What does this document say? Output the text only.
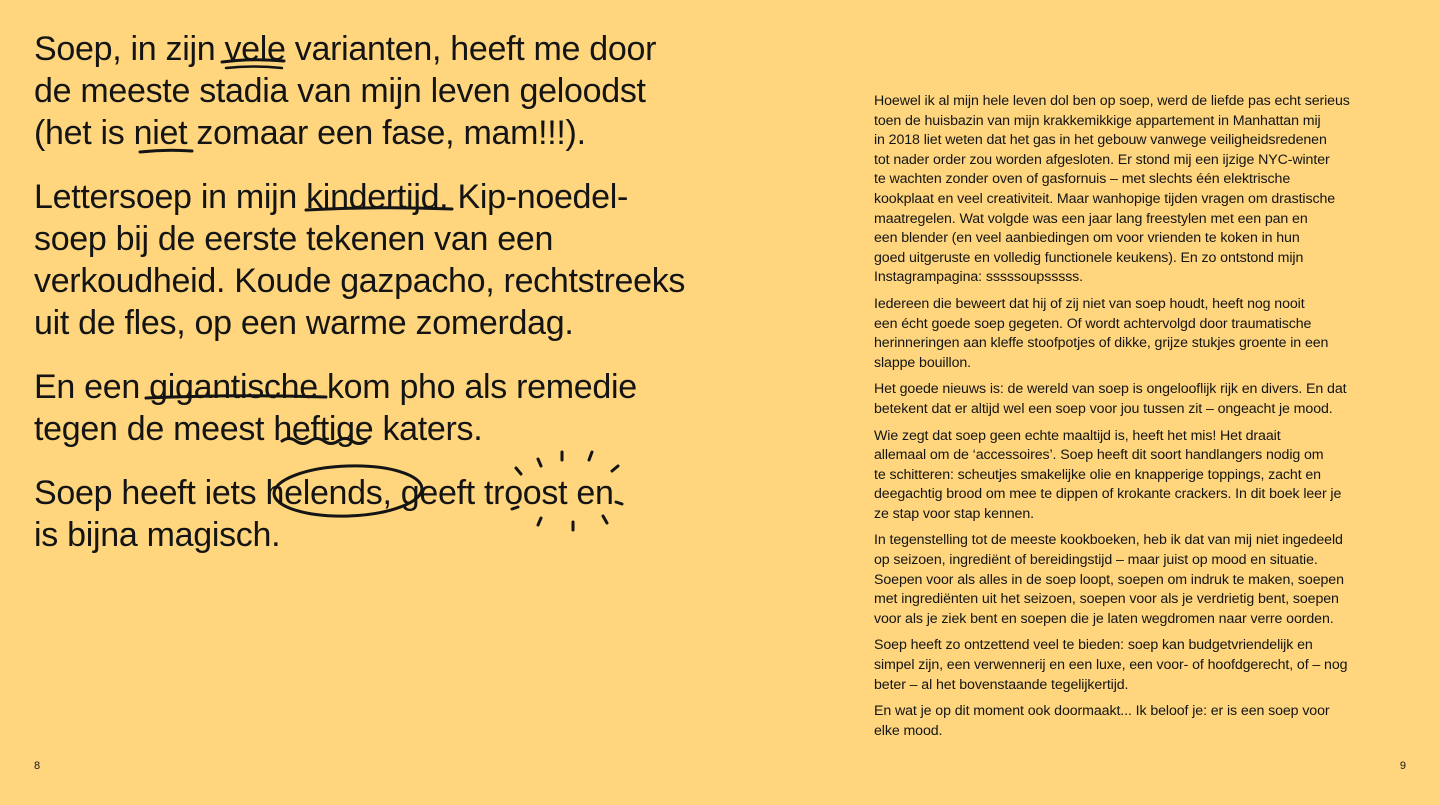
Soep, in zijn vele varianten, heeft me door
de meeste stadia van mijn leven geloodst
(het is niet zomaar een fase, mam!!!).

Lettersoep in mijn kindertijd. Kip-noedel-
soep bij de eerste tekenen van een
verkoudheid. Koude gazpacho, rechtstreeks
uit de fles, op een warme zomerdag.

En een gigantische kom pho als remedie
tegen de meest heftige katers.

Soep heeft iets helends, geeft troost en
is bijna magisch.

Hoewel ik al mijn hele leven dol ben op soep, werd de liefde pas echt serieus
toen de huisbazin van mijn krakkemikkige appartement in Manhattan mij
in 2018 liet weten dat het gas in het gebouw vanwege veiligheidsredenen
tot nader order zou worden afgesloten. Er stond mij een ijzige NYC-winter
te wachten zonder oven of gasfornuis – met slechts één elektrische
kookplaat en veel creativiteit. Maar wanhopige tijden vragen om drastische
maatregelen. Wat volgde was een jaar lang freestylen met een pan en
een blender (en veel aanbiedingen om voor vrienden te koken in hun
goed uitgeruste en volledig functionele keukens). En zo ontstond mijn
Instagrampagina: sssssoupsssss.

Iedereen die beweert dat hij of zij niet van soep houdt, heeft nog nooit
een écht goede soep gegeten. Of wordt achtervolgd door traumatische
herinneringen aan kleffe stoofpotjes of dikke, grijze stukjes groente in een
slappe bouillon.

Het goede nieuws is: de wereld van soep is ongelooflijk rijk en divers. En dat
betekent dat er altijd wel een soep voor jou tussen zit – ongeacht je mood.

Wie zegt dat soep geen echte maaltijd is, heeft het mis! Het draait
allemaal om de ‘accessoires’. Soep heeft dit soort handlangers nodig om
te schitteren: scheutjes smakelijke olie en knapperige toppings, zacht en
deegachtig brood om mee te dippen of krokante crackers. In dit boek leer je
ze stap voor stap kennen.

In tegenstelling tot de meeste kookboeken, heb ik dat van mij niet ingedeeld
op seizoen, ingrediënt of bereidingstijd – maar juist op mood en situatie.
Soepen voor als alles in de soep loopt, soepen om indruk te maken, soepen
met ingrediënten uit het seizoen, soepen voor als je verdrietig bent, soepen
voor als je ziek bent en soepen die je laten wegdromen naar verre oorden.

Soep heeft zo ontzettend veel te bieden: soep kan budgetvriendelijk en
simpel zijn, een verwennerij en een luxe, een voor- of hoofdgerecht, of – nog
beter – al het bovenstaande tegelijkertijd.

En wat je op dit moment ook doormaakt... Ik beloof je: er is een soep voor
elke mood.

8	9
